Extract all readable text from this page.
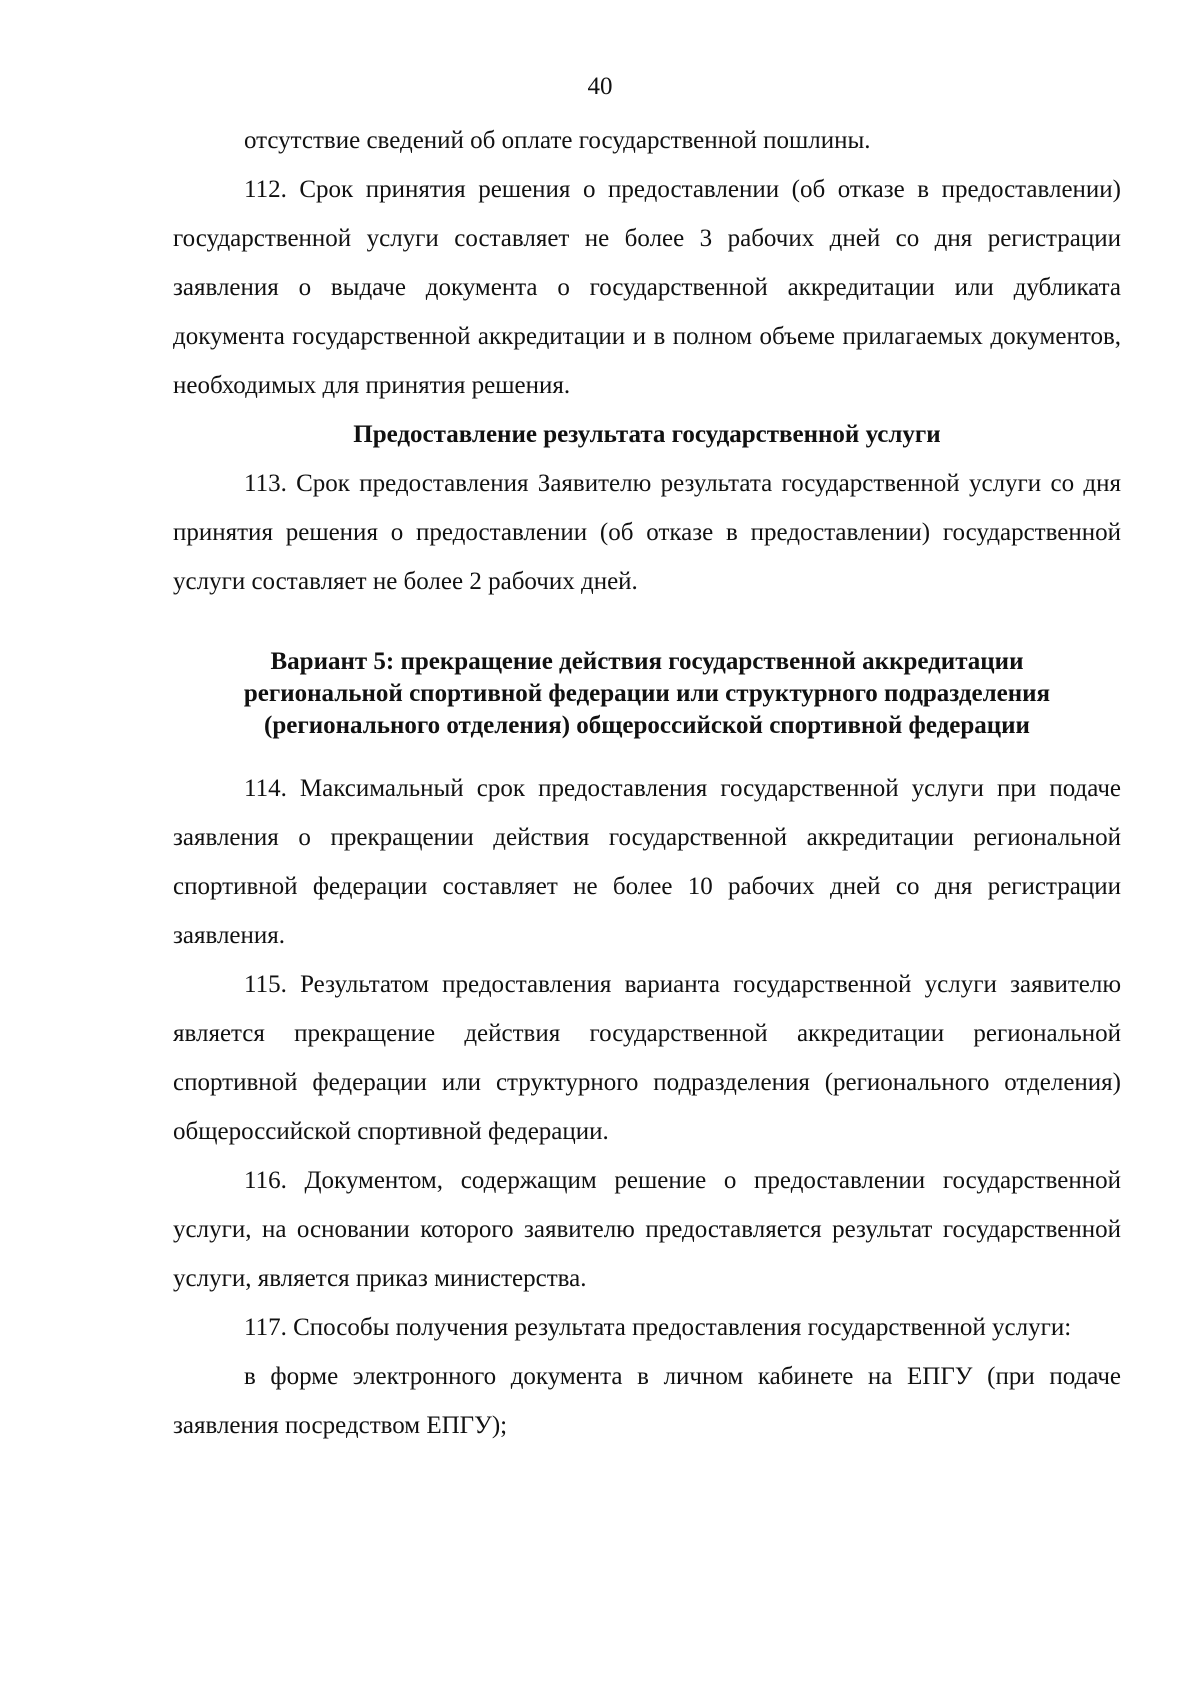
40

отсутствие сведений об оплате государственной пошлины.

112. Срок принятия решения о предоставлении (об отказе в предоставлении) государственной услуги составляет не более 3 рабочих дней со дня регистрации заявления о выдаче документа о государственной аккредитации или дубликата документа государственной аккредитации и в полном объеме прилагаемых документов, необходимых для принятия решения.

Предоставление результата государственной услуги

113. Срок предоставления Заявителю результата государственной услуги со дня принятия решения о предоставлении (об отказе в предоставлении) государственной услуги составляет не более 2 рабочих дней.

Вариант 5: прекращение действия государственной аккредитации
региональной спортивной федерации или структурного подразделения
(регионального отделения) общероссийской спортивной федерации

114. Максимальный срок предоставления государственной услуги при подаче заявления о прекращении действия государственной аккредитации региональной спортивной федерации составляет не более 10 рабочих дней со дня регистрации заявления.

115. Результатом предоставления варианта государственной услуги заявителю является прекращение действия государственной аккредитации региональной спортивной федерации или структурного подразделения (регионального отделения) общероссийской спортивной федерации.

116. Документом, содержащим решение о предоставлении государственной услуги, на основании которого заявителю предоставляется результат государственной услуги, является приказ министерства.

117. Способы получения результата предоставления государственной услуги:

в форме электронного документа в личном кабинете на ЕПГУ (при подаче заявления посредством ЕПГУ);
